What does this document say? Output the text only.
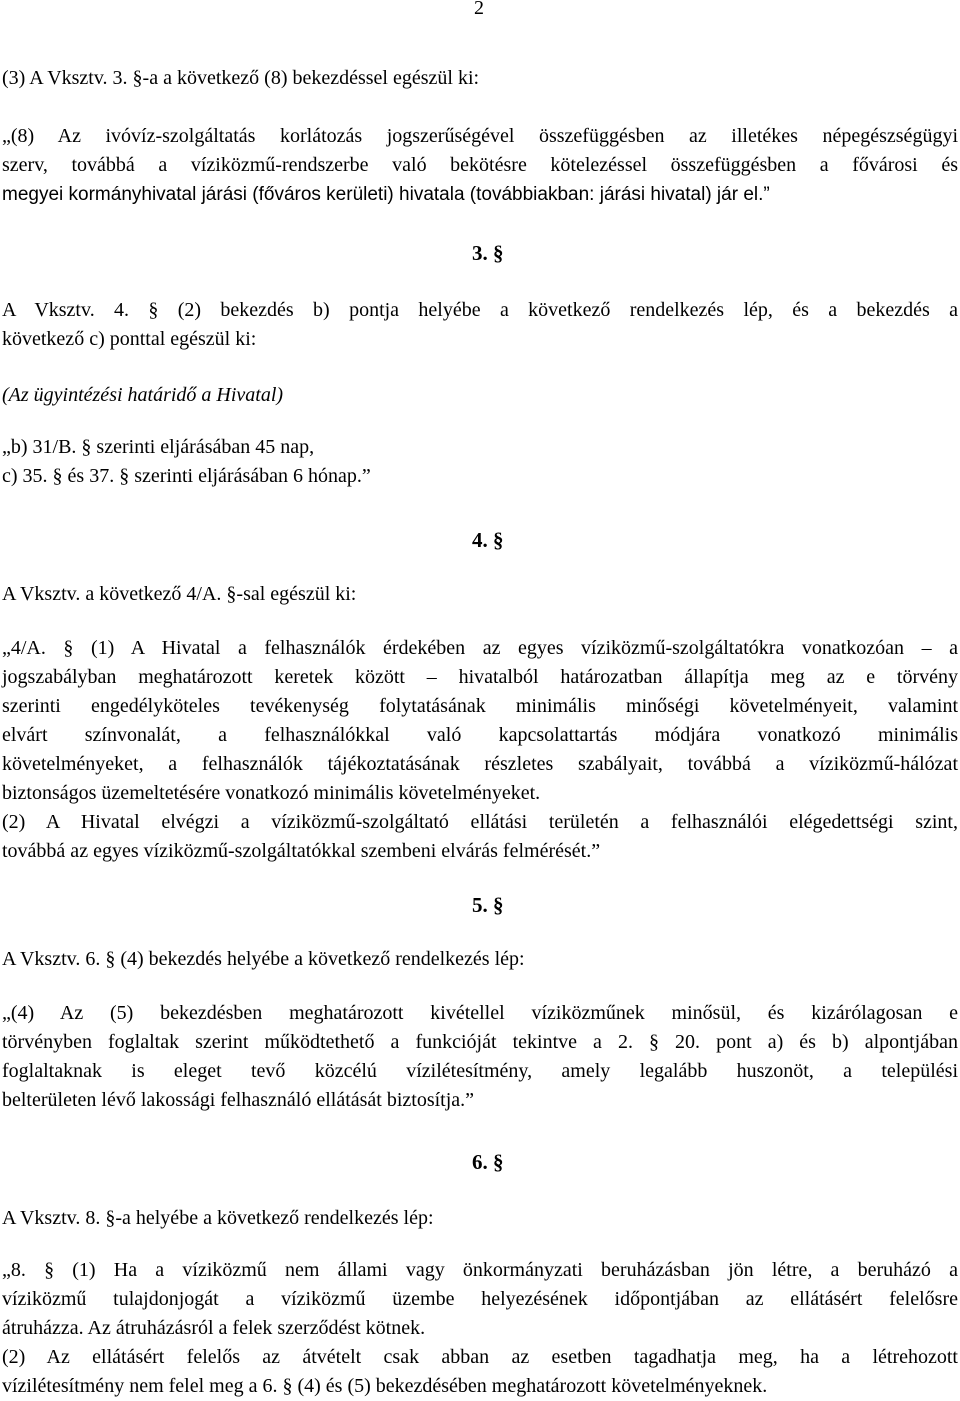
2
(3) A Vksztv. 3. §-a a következő (8) bekezdéssel egészül ki:
„(8) Az ivóvíz-szolgáltatás korlátozás jogszerűségével összefüggésben az illetékes népegészségügyi
szerv, továbbá a víziközmű-rendszerbe való bekötésre kötelezéssel összefüggésben a fővárosi és
megyei kormányhivatal járási (főváros kerületi) hivatala (továbbiakban: járási hivatal) jár el.”
3. §
A Vksztv. 4. § (2) bekezdés b) pontja helyébe a következő rendelkezés lép, és a bekezdés a
következő c) ponttal egészül ki:
(Az ügyintézési határidő a Hivatal)
„b) 31/B. § szerinti eljárásában 45 nap,
c) 35. § és 37. § szerinti eljárásában 6 hónap.”
4. §
A Vksztv. a következő 4/A. §-sal egészül ki:
„4/A. § (1) A Hivatal a felhasználók érdekében az egyes víziközmű-szolgáltatókra vonatkozóan – a
jogszabályban meghatározott keretek között – hivatalból határozatban állapítja meg az e törvény
szerinti engedélyköteles tevékenység folytatásának minimális minőségi követelményeit, valamint
elvárt színvonalát, a felhasználókkal való kapcsolattartás módjára vonatkozó minimális
követelményeket, a felhasználók tájékoztatásának részletes szabályait, továbbá a víziközmű-hálózat
biztonságos üzemeltetésére vonatkozó minimális követelményeket.
(2) A Hivatal elvégzi a víziközmű-szolgáltató ellátási területén a felhasználói elégedettségi szint,
továbbá az egyes víziközmű-szolgáltatókkal szembeni elvárás felmérését.”
5. §
A Vksztv. 6. § (4) bekezdés helyébe a következő rendelkezés lép:
„(4) Az (5) bekezdésben meghatározott kivétellel víziközműnek minősül, és kizárólagosan e
törvényben foglaltak szerint működtethető a funkcióját tekintve a 2. § 20. pont a) és b) alpontjában
foglaltaknak is eleget tevő közcélú vízilétesítmény, amely legalább huszonöt, a települési
belterületen lévő lakossági felhasználó ellátását biztosítja.”
6. §
A Vksztv. 8. §-a helyébe a következő rendelkezés lép:
„8. § (1) Ha a víziközmű nem állami vagy önkormányzati beruházásban jön létre, a beruházó a
víziközmű tulajdonjogát a víziközmű üzembe helyezésének időpontjában az ellátásért felelősre
átruházza. Az átruházásról a felek szerződést kötnek.
(2) Az ellátásért felelős az átvételt csak abban az esetben tagadhatja meg, ha a létrehozott
vízilétesítmény nem felel meg a 6. § (4) és (5) bekezdésében meghatározott követelményeknek.
